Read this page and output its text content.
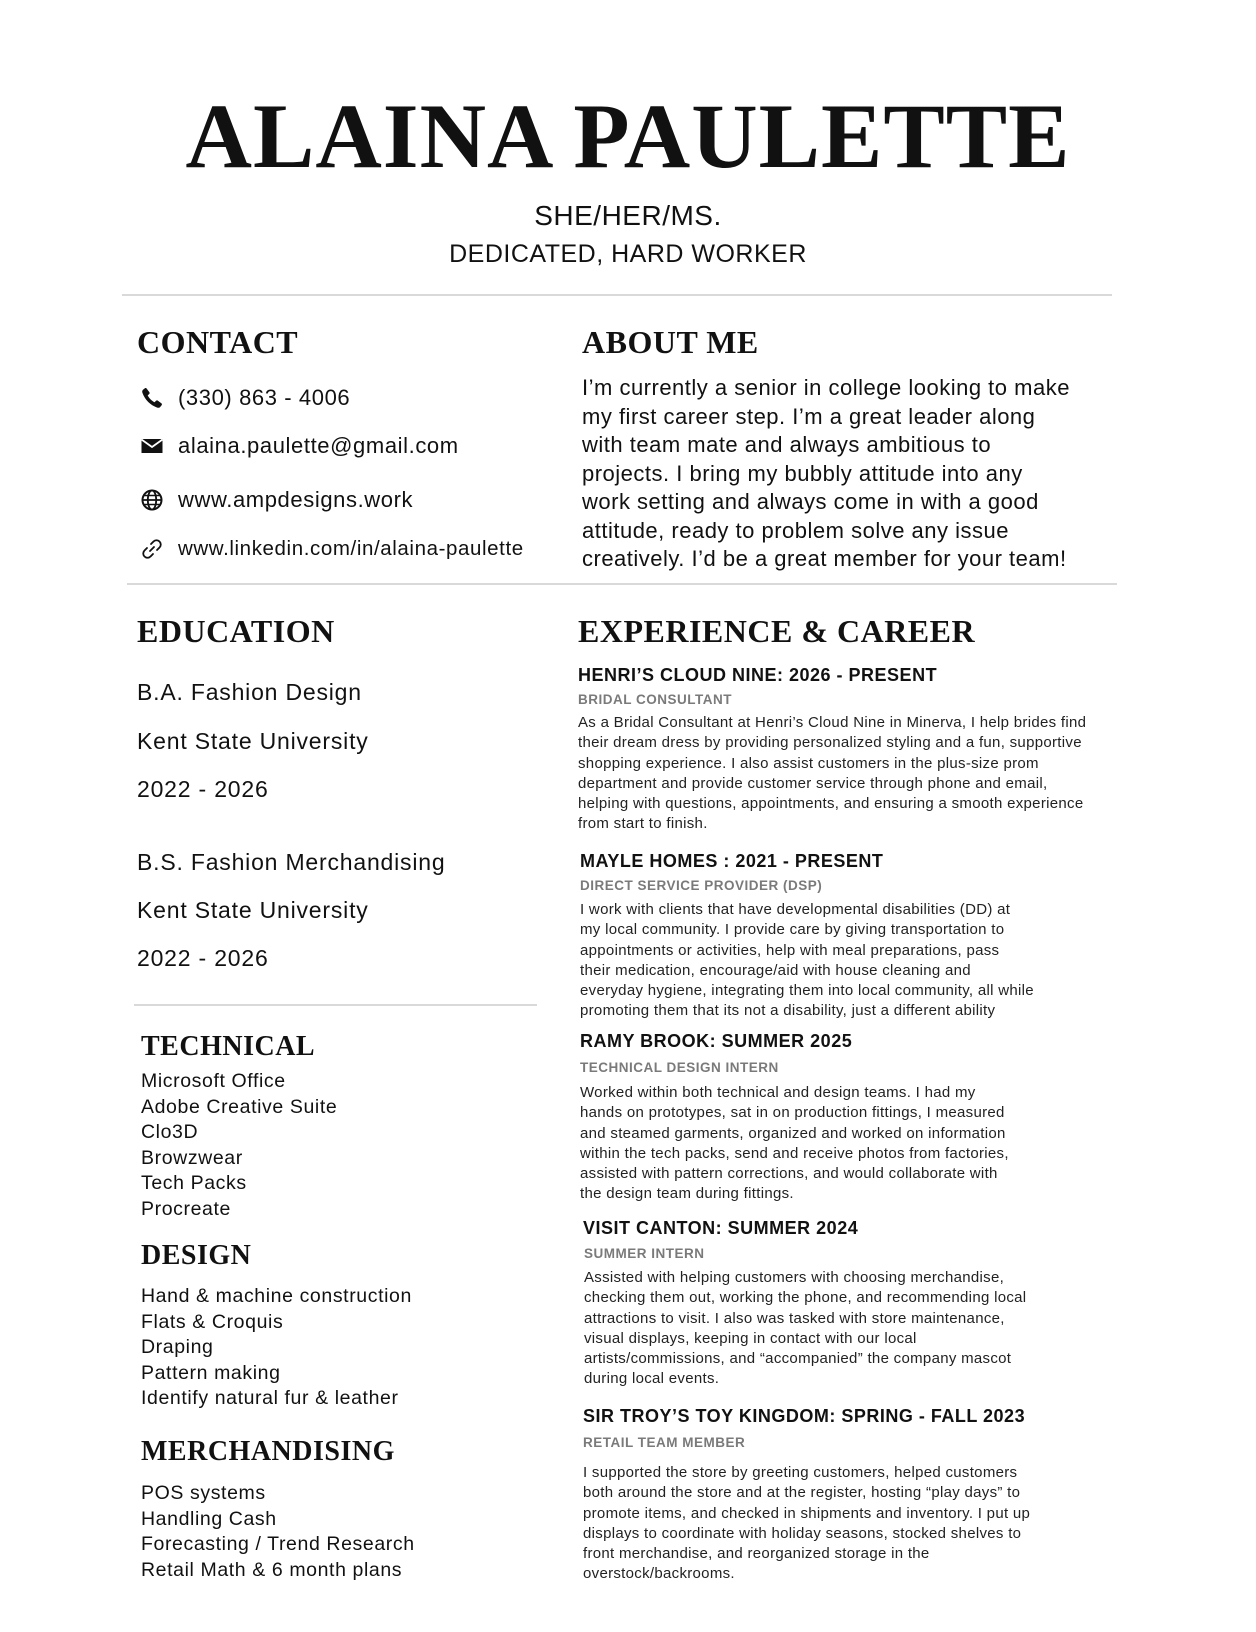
ALAINA PAULETTE
SHE/HER/MS.
DEDICATED, HARD WORKER
CONTACT
(330) 863 - 4006
alaina.paulette@gmail.com
www.ampdesigns.work
www.linkedin.com/in/alaina-paulette
ABOUT ME
I’m currently a senior in college looking to make
my first career step. I’m a great leader along
with team mate and always ambitious to
projects. I bring my bubbly attitude into any
work setting and always come in with a good
attitude, ready to problem solve any issue
creatively. I’d be a great member for your team!
EDUCATION
B.A. Fashion Design
Kent State University
2022 - 2026
B.S. Fashion Merchandising
Kent State University
2022 - 2026
TECHNICAL
Microsoft Office
Adobe Creative Suite
Clo3D
Browzwear
Tech Packs
Procreate
DESIGN
Hand & machine construction
Flats & Croquis
Draping
Pattern making
Identify natural fur & leather
MERCHANDISING
POS systems
Handling Cash
Forecasting / Trend Research
Retail Math & 6 month plans
EXPERIENCE & CAREER
HENRI’S CLOUD NINE: 2026 - PRESENT
BRIDAL CONSULTANT
As a Bridal Consultant at Henri’s Cloud Nine in Minerva, I help brides find
their dream dress by providing personalized styling and a fun, supportive
shopping experience. I also assist customers in the plus-size prom
department and provide customer service through phone and email,
helping with questions, appointments, and ensuring a smooth experience
from start to finish.
MAYLE HOMES : 2021 - PRESENT
DIRECT SERVICE PROVIDER (DSP)
I work with clients that have developmental disabilities (DD) at
my local community. I provide care by giving transportation to
appointments or activities, help with meal preparations, pass
their medication, encourage/aid with house cleaning and
everyday hygiene, integrating them into local community, all while
promoting them that its not a disability, just a different ability
RAMY BROOK: SUMMER 2025
TECHNICAL DESIGN INTERN
Worked within both technical and design teams. I had my
hands on prototypes, sat in on production fittings, I measured
and steamed garments, organized and worked on information
within the tech packs, send and receive photos from factories,
assisted with pattern corrections, and would collaborate with
the design team during fittings.
VISIT CANTON: SUMMER 2024
SUMMER INTERN
Assisted with helping customers with choosing merchandise,
checking them out, working the phone, and recommending local
attractions to visit. I also was tasked with store maintenance,
visual displays, keeping in contact with our local
artists/commissions, and “accompanied” the company mascot
during local events.
SIR TROY’S TOY KINGDOM: SPRING - FALL 2023
RETAIL TEAM MEMBER
I supported the store by greeting customers, helped customers
both around the store and at the register, hosting “play days” to
promote items, and checked in shipments and inventory. I put up
displays to coordinate with holiday seasons, stocked shelves to
front merchandise, and reorganized storage in the
overstock/backrooms.
